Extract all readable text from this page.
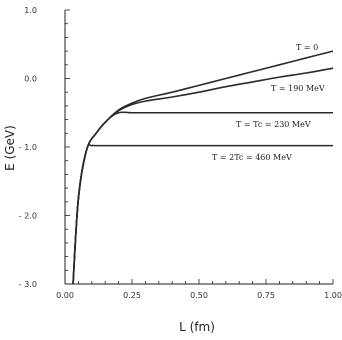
0.00	0.25	0.50	0.75	1.00
1.0
0.0
- 1.0
- 2.0
- 3.0
T = 0
T = 190 MeV
T = Tc = 230 MeV
T = 2Tc = 460 MeV
L (fm)
E (GeV)
